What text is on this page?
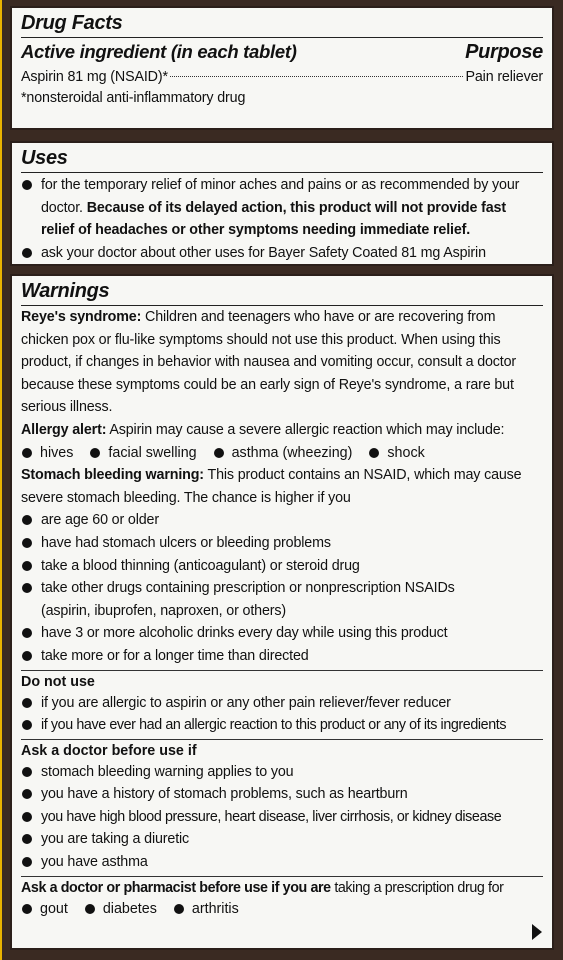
Drug Facts
Active ingredient (in each tablet)	Purpose
Aspirin 81 mg (NSAID)*	Pain reliever
*nonsteroidal anti-inflammatory drug
Uses
for the temporary relief of minor aches and pains or as recommended by your
doctor. Because of its delayed action, this product will not provide fast
relief of headaches or other symptoms needing immediate relief.
ask your doctor about other uses for Bayer Safety Coated 81 mg Aspirin
Warnings
Reye's syndrome: Children and teenagers who have or are recovering from
chicken pox or flu-like symptoms should not use this product. When using this
product, if changes in behavior with nausea and vomiting occur, consult a doctor
because these symptoms could be an early sign of Reye's syndrome, a rare but
serious illness.
Allergy alert: Aspirin may cause a severe allergic reaction which may include:
hives facial swelling asthma (wheezing) shock
Stomach bleeding warning: This product contains an NSAID, which may cause
severe stomach bleeding. The chance is higher if you
are age 60 or older
have had stomach ulcers or bleeding problems
take a blood thinning (anticoagulant) or steroid drug
take other drugs containing prescription or nonprescription NSAIDs
(aspirin, ibuprofen, naproxen, or others)
have 3 or more alcoholic drinks every day while using this product
take more or for a longer time than directed
Do not use
if you are allergic to aspirin or any other pain reliever/fever reducer
if you have ever had an allergic reaction to this product or any of its ingredients
Ask a doctor before use if
stomach bleeding warning applies to you
you have a history of stomach problems, such as heartburn
you have high blood pressure, heart disease, liver cirrhosis, or kidney disease
you are taking a diuretic
you have asthma
Ask a doctor or pharmacist before use if you are taking a prescription drug for
gout diabetes arthritis
